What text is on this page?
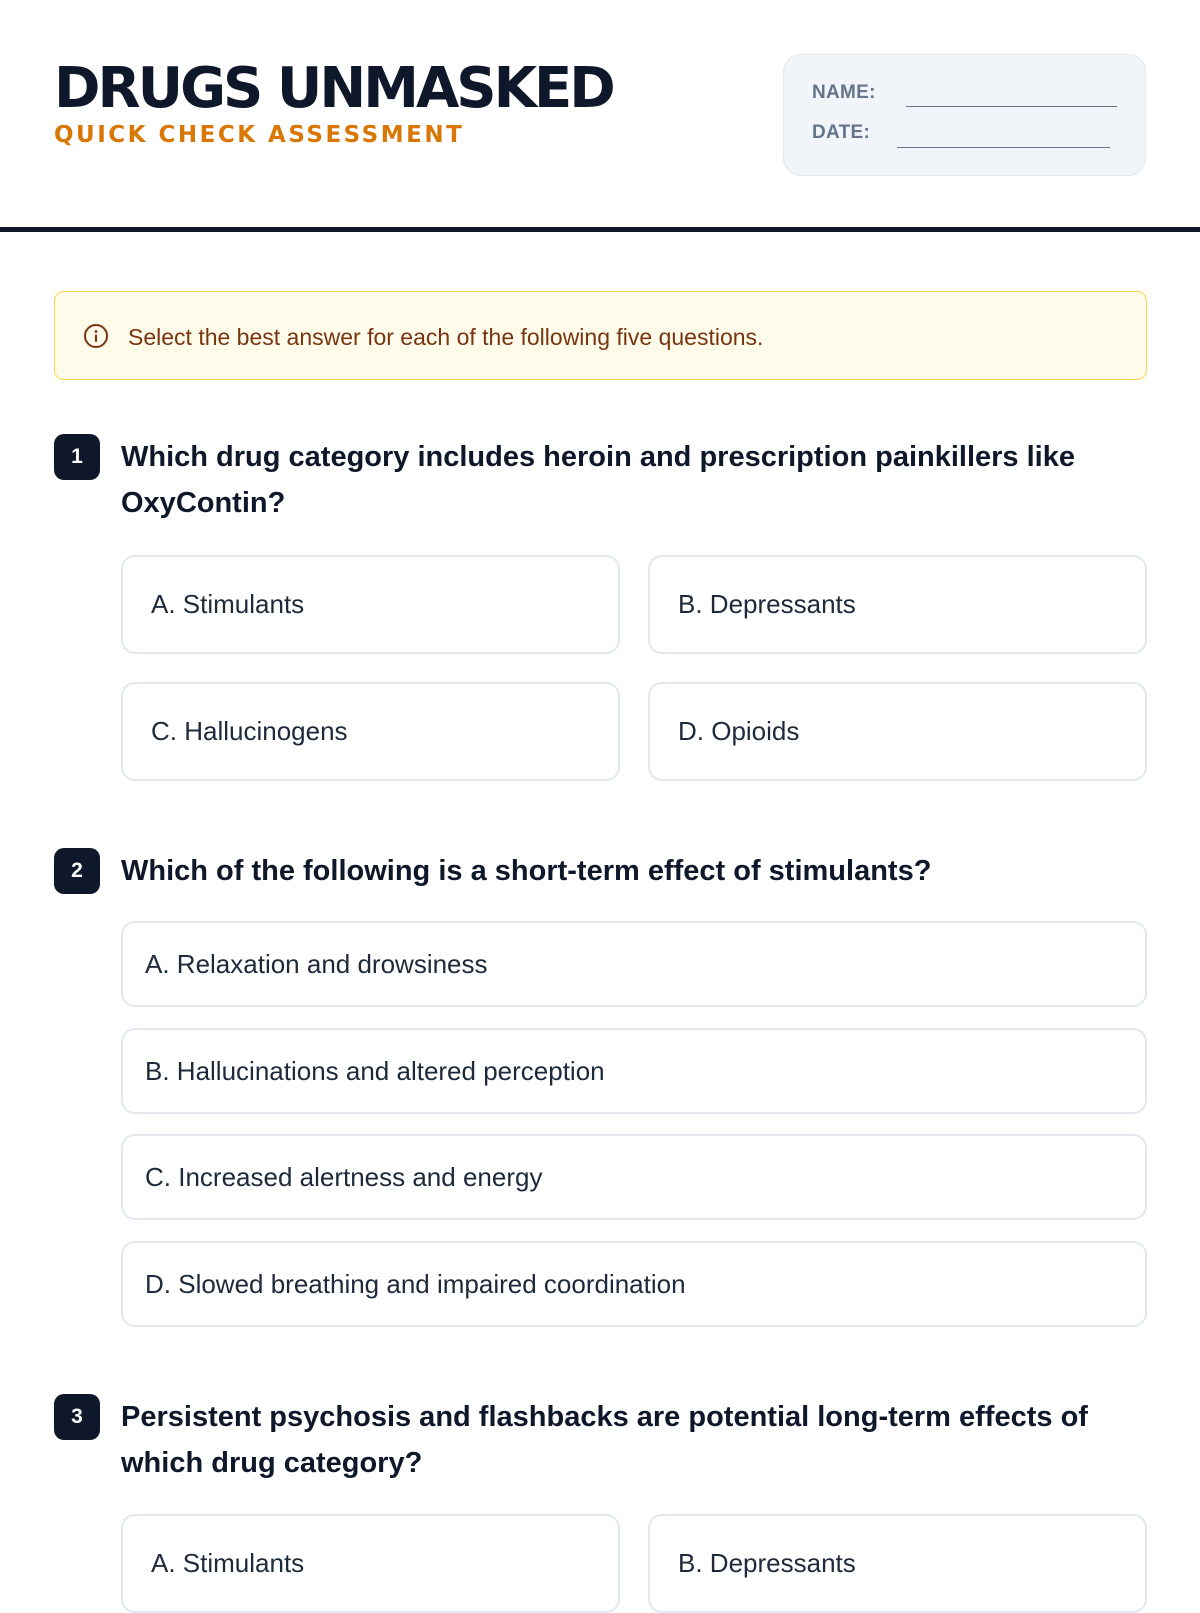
DRUGS UNMASKED
QUICK CHECK ASSESSMENT
NAME:
DATE:
Select the best answer for each of the following five questions.
1	Which drug category includes heroin and prescription painkillers like OxyContin?
A. Stimulants	B. Depressants
C. Hallucinogens	D. Opioids
2	Which of the following is a short-term effect of stimulants?
A. Relaxation and drowsiness
B. Hallucinations and altered perception
C. Increased alertness and energy
D. Slowed breathing and impaired coordination
3	Persistent psychosis and flashbacks are potential long-term effects of which drug category?
A. Stimulants	B. Depressants
